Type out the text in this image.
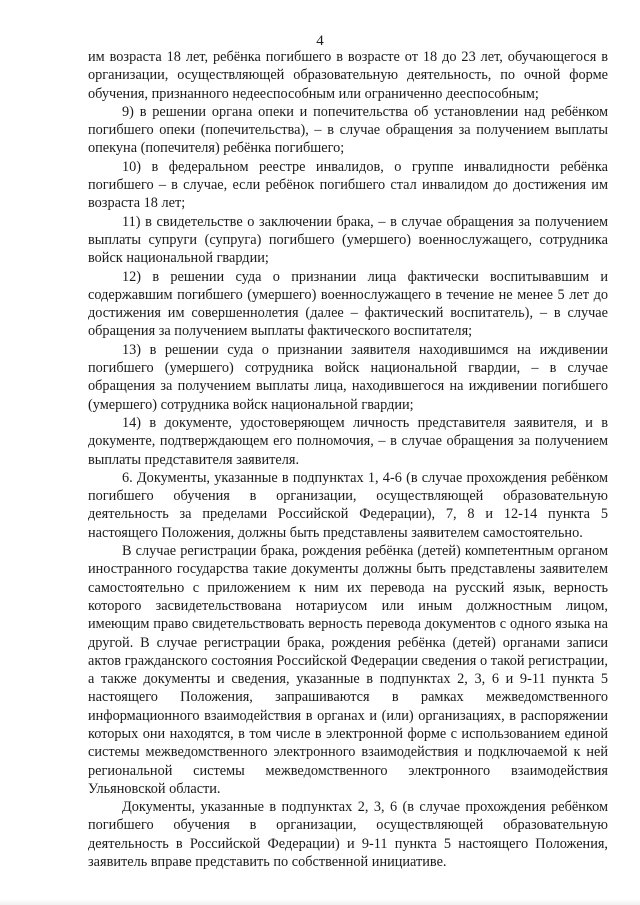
4

им возраста 18 лет, ребёнка погибшего в возрасте от 18 до 23 лет, обучающегося в организации, осуществляющей образовательную деятельность, по очной форме обучения, признанного недееспособным или ограниченно дееспособным;

9) в решении органа опеки и попечительства об установлении над ребёнком погибшего опеки (попечительства), – в случае обращения за получением выплаты опекуна (попечителя) ребёнка погибшего;

10) в федеральном реестре инвалидов, о группе инвалидности ребёнка погибшего – в случае, если ребёнок погибшего стал инвалидом до достижения им возраста 18 лет;

11) в свидетельстве о заключении брака, – в случае обращения за получением выплаты супруги (супруга) погибшего (умершего) военнослужащего, сотрудника войск национальной гвардии;

12) в решении суда о признании лица фактически воспитывавшим и содержавшим погибшего (умершего) военнослужащего в течение не менее 5 лет до достижения им совершеннолетия (далее – фактический воспитатель), – в случае обращения за получением выплаты фактического воспитателя;

13) в решении суда о признании заявителя находившимся на иждивении погибшего (умершего) сотрудника войск национальной гвардии, – в случае обращения за получением выплаты лица, находившегося на иждивении погибшего (умершего) сотрудника войск национальной гвардии;

14) в документе, удостоверяющем личность представителя заявителя, и в документе, подтверждающем его полномочия, – в случае обращения за получением выплаты представителя заявителя.

6. Документы, указанные в подпунктах 1, 4-6 (в случае прохождения ребёнком погибшего обучения в организации, осуществляющей образовательную деятельность за пределами Российской Федерации), 7, 8 и 12-14 пункта 5 настоящего Положения, должны быть представлены заявителем самостоятельно.

В случае регистрации брака, рождения ребёнка (детей) компетентным органом иностранного государства такие документы должны быть представлены заявителем самостоятельно с приложением к ним их перевода на русский язык, верность которого засвидетельствована нотариусом или иным должностным лицом, имеющим право свидетельствовать верность перевода документов с одного языка на другой. В случае регистрации брака, рождения ребёнка (детей) органами записи актов гражданского состояния Российской Федерации сведения о такой регистрации, а также документы и сведения, указанные в подпунктах 2, 3, 6 и 9-11 пункта 5 настоящего Положения, запрашиваются в рамках межведомственного информационного взаимодействия в органах и (или) организациях, в распоряжении которых они находятся, в том числе в электронной форме с использованием единой системы межведомственного электронного взаимодействия и подключаемой к ней региональной системы межведомственного электронного взаимодействия Ульяновской области.

Документы, указанные в подпунктах 2, 3, 6 (в случае прохождения ребёнком погибшего обучения в организации, осуществляющей образовательную деятельность в Российской Федерации) и 9-11 пункта 5 настоящего Положения, заявитель вправе представить по собственной инициативе.
